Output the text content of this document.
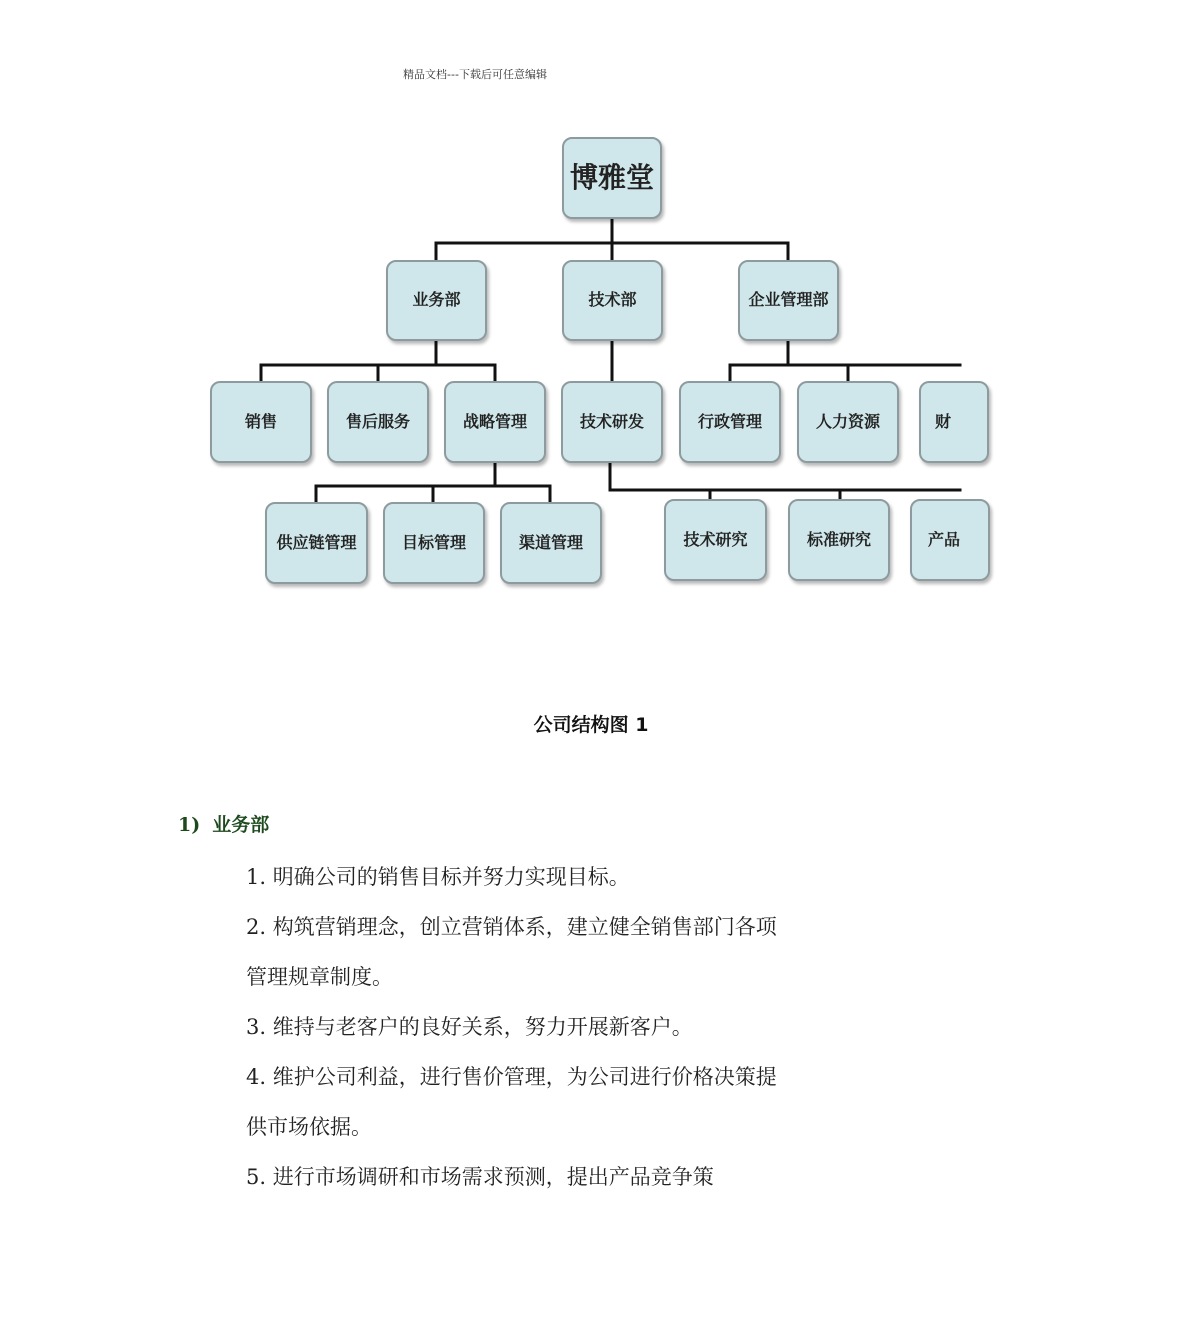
精品文档---下载后可任意编辑
博雅堂
业务部	技术部	企业管理部
销售	售后服务	战略管理	技术研发	行政管理	人力资源	财
供应链管理	目标管理	渠道管理	技术研究	标准研究	产品
公司结构图 1
1) 业务部

1. 明确公司的销售目标并努力实现目标。

2. 构筑营销理念，创立营销体系，建立健全销售部门各项管理规章制度。

3. 维持与老客户的良好关系，努力开展新客户。

4. 维护公司利益，进行售价管理，为公司进行价格决策提供市场依据。

5. 进行市场调研和市场需求预测，提出产品竞争策
